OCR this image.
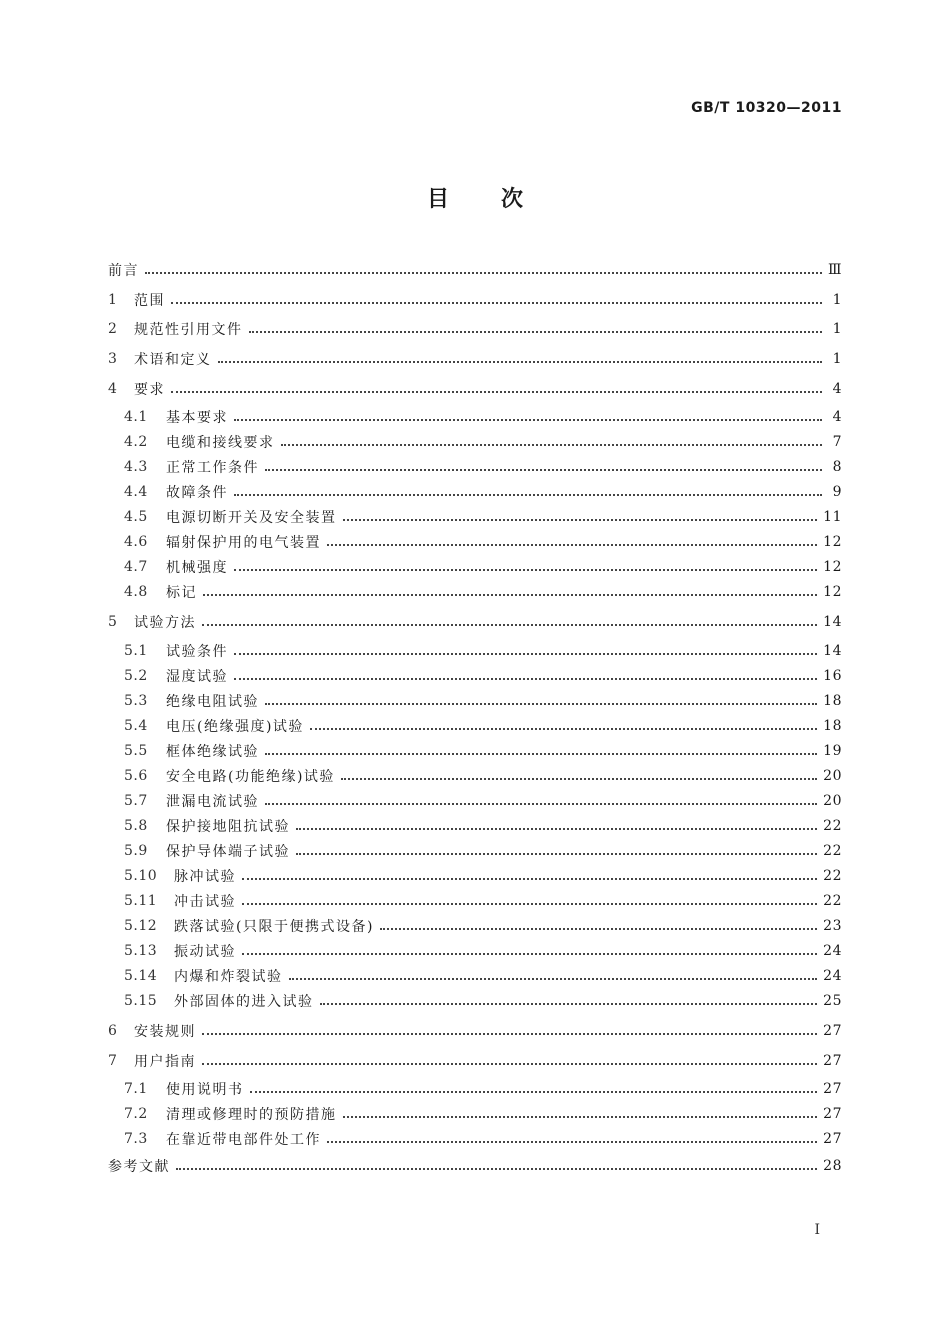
GB/T 10320—2011
目 次
前言	Ⅲ
1	范围	1
2	规范性引用文件	1
3	术语和定义	1
4	要求	4
4.1	基本要求	4
4.2	电缆和接线要求	7
4.3	正常工作条件	8
4.4	故障条件	9
4.5	电源切断开关及安全装置	11
4.6	辐射保护用的电气装置	12
4.7	机械强度	12
4.8	标记	12
5	试验方法	14
5.1	试验条件	14
5.2	湿度试验	16
5.3	绝缘电阻试验	18
5.4	电压(绝缘强度)试验	18
5.5	框体绝缘试验	19
5.6	安全电路(功能绝缘)试验	20
5.7	泄漏电流试验	20
5.8	保护接地阻抗试验	22
5.9	保护导体端子试验	22
5.10	脉冲试验	22
5.11	冲击试验	22
5.12	跌落试验(只限于便携式设备)	23
5.13	振动试验	24
5.14	内爆和炸裂试验	24
5.15	外部固体的进入试验	25
6	安装规则	27
7	用户指南	27
7.1	使用说明书	27
7.2	清理或修理时的预防措施	27
7.3	在靠近带电部件处工作	27
参考文献	28
I
